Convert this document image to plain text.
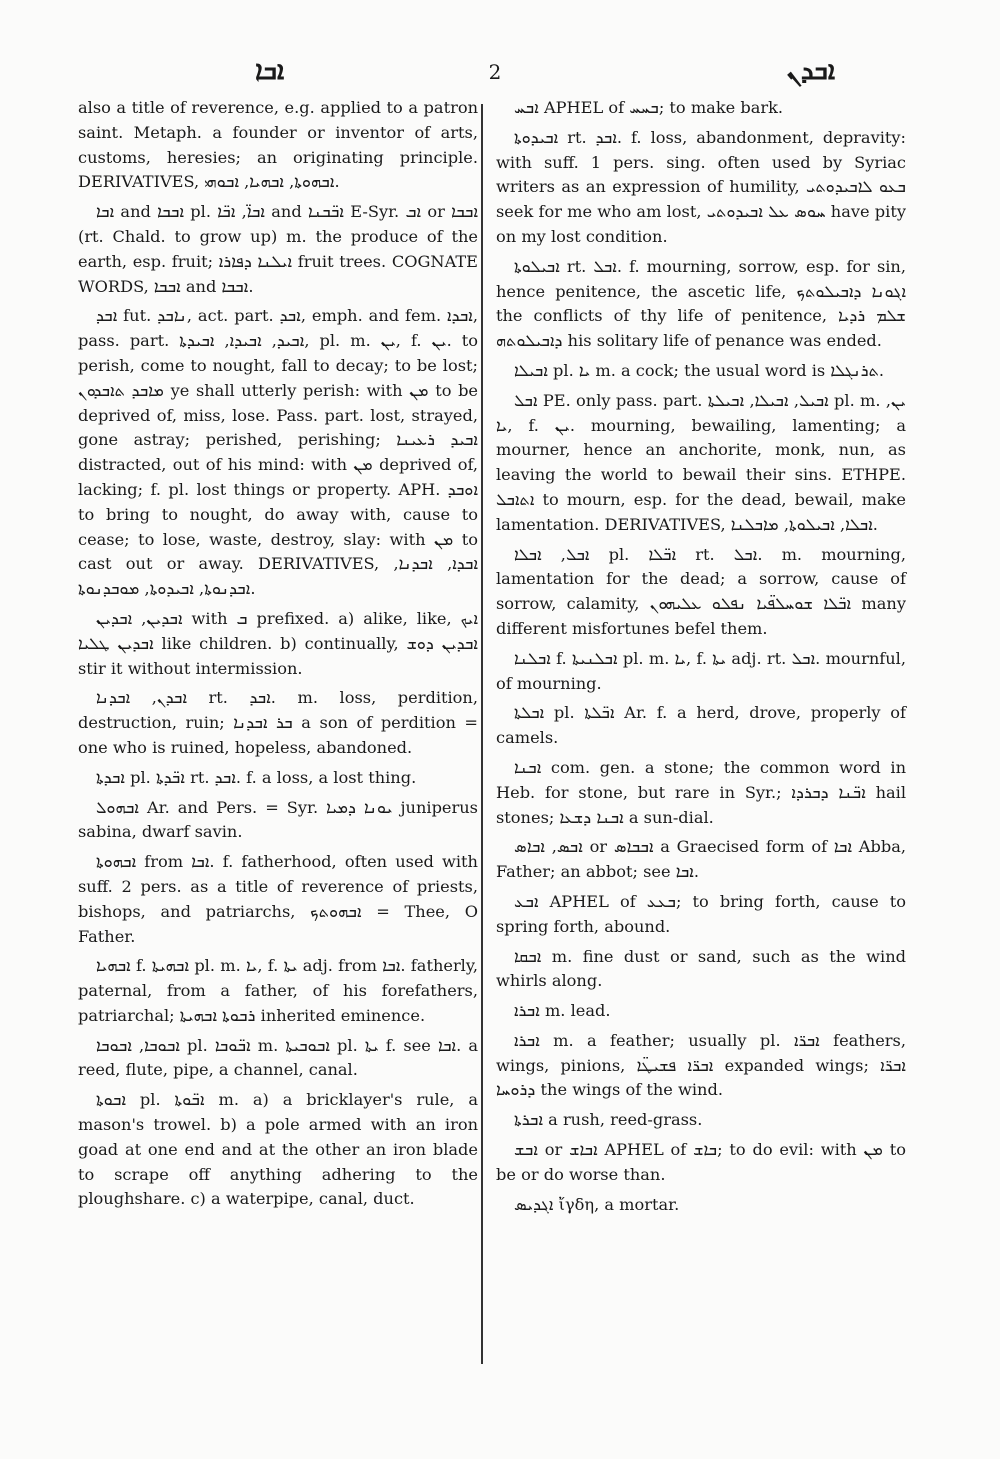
ܐܒܐ	2	ܐܒܕܢ

also a title of reverence, e.g. applied to a patron saint. Metaph. a founder or inventor of arts, customs, heresies; an originating principle. DERIVATIVES, ܐܒܗܘܬܐ, ܐܒܗܝܐ, ܐܒܘܗܝ.

ܐܒܐ and ܐܒܒܐ pl. ܐܒܐ̈, ܐܒ̈ܐ and ܐܒ̈ܒܢܐ E-Syr. ܐܒ or ܐܒܒܐ (rt. Chald. to grow up) m. the produce of the earth, esp. fruit; ܐܝܠܢܐ ܕܦܐܪܐ fruit trees. COGNATE WORDS, ܐܒܒܐ and ܐܒܒܐ.

ܐܒܕ fut. ܢܐܒܕ, act. part. ܐܒܕ, emph. and fem. ܐܒܕܐ, pass. part. ܐܒܝܕ, ܐܒܝܕܐ, ܐܒܝܕܬܐ, pl. m. ܝܢ, f. ܝܢ. to perish, come to nought, fall to decay; to be lost; ܡܐܒܕ ܬܐܒܕܘܢ ye shall utterly perish: with ܡܢ to be deprived of, miss, lose. Pass. part. lost, strayed, gone astray; perished, perishing; ܐܒܝܕ ܪܥܝܢܐ distracted, out of his mind: with ܡܢ deprived of, lacking; f. pl. lost things or property. APH. ܐܘܒܕ to bring to nought, do away with, cause to cease; to lose, waste, destroy, slay: with ܡܢ to cast out or away. DERIVATIVES, ܐܒܕܐ, ܐܒܕܢܐ, ܐܒܕܢܘܬܐ, ܐܒܝܕܘܬܐ, ܡܘܒܕܢܘܬܐ.

ܐܒܕܝܢ, ܐܒܕܝܢ with ܒ prefixed. a) alike, like, ܐܝܟ ܐܒܕܝܢ ܛܠܝܐ like children. b) continually, ܐܒܕܝܢ ܕܘܫ stir it without intermission.

ܐܒܕܢ, ܐܒܕܢܐ rt. ܐܒܕ. m. loss, perdition, destruction, ruin; ܒܪ ܐܒܕܢܐ a son of perdition = one who is ruined, hopeless, abandoned.

ܐܒܕܬܐ pl. ܐܒ̈ܕܬܐ rt. ܐܒܕ. f. a loss, a lost thing.

ܐܒܗܘܠ Ar. and Pers. = Syr. ܝܘܢܐ ܕܡܝܐ juniperus sabina, dwarf savin.

ܐܒܗܘܬܐ from ܐܒܐ. f. fatherhood, often used with suff. 2 pers. as a title of reverence of priests, bishops, and patriarchs, ܐܒܗܘܬܟ = Thee, O Father.

ܐܒܗܝܐ f. ܐܒܗܝܬܐ pl. m. ܝܐ, f. ܝܬܐ adj. from ܐܒܐ. fatherly, paternal, from a father, of his forefathers, patriarchal; ܪܒܘܬܐ ܐܒܗܝܬܐ inherited eminence.

ܐܒܘܒܐ, ܐܒܘܒܐ pl. ܐܒ̈ܘܒܐ m. ܐܒܘܒܝܬܐ pl. ܝܬܐ f. see ܐܒܐ. a reed, flute, pipe, a channel, canal.

ܐܒܘܬܐ pl. ܐܒ̈ܘܬܐ m. a) a bricklayer's rule, a mason's trowel. b) a pole armed with an iron goad at one end and at the other an iron blade to scrape off anything adhering to the ploughshare. c) a waterpipe, canal, duct.

ܐܒܚ APHEL of ܒܚܚ; to make bark.

ܐܒܝܕܘܬܐ rt. ܐܒܕ. f. loss, abandonment, depravity: with suff. 1 pers. sing. often used by Syriac writers as an expression of humility, ܒܥܘ ܠܐܒܝܕܘܬܝ seek for me who am lost, ܚܘܣ ܥܠ ܐܒܝܕܘܬܝ have pity on my lost condition.

ܐܒܝܠܘܬܐ rt. ܐܒܠ. f. mourning, sorrow, esp. for sin, hence penitence, the ascetic life, ܐܓܘܢܐ ܕܐܒܝܠܘܬܟ the conflicts of thy life of penitence, ܫܠܡ ܪܕܝܐ ܕܐܒܝܠܘܬܗ his solitary life of penance was ended.

ܐܒܝܠܐ pl. ܝܐ m. a cock; the usual word is ܬܪܢܓܠܐ.

ܐܒܠ PE. only pass. part. ܐܒܝܠ, ܐܒܝܠܐ, ܐܒܝܠܬܐ pl. m. ܝܢ, ܝܐ, f. ܝܢ. mourning, bewailing, lamenting; a mourner, hence an anchorite, monk, nun, as leaving the world to bewail their sins. ETHPE. ܐܬܐܒܠ to mourn, esp. for the dead, bewail, make lamentation. DERIVATIVES, ܐܒܠܐ, ܐܒܝܠܘܬܐ, ܡܐܒܠܢܐ.

ܐܒܠ, ܐܒܠܐ pl. ܐܒ̈ܠܐ rt. ܐܒܠ. m. mourning, lamentation for the dead; a sorrow, cause of sorrow, calamity, ܐܒ̈ܠܐ ܫܘܚܠܦ̈ܝܐ ܢܦܠܘ ܥܠܝܗܘܢ many different misfortunes befel them.

ܐܒܠܢܐ f. ܐܒܠܢܝܬܐ pl. m. ܝܐ, f. ܝܬܐ adj. rt. ܐܒܠ. mournful, of mourning.

ܐܒܠܬܐ pl. ܐܒ̈ܠܬܐ Ar. f. a herd, drove, properly of camels.

ܐܒܢܐ com. gen. a stone; the common word in Heb. for stone, but rare in Syr.; ܐܒ̈ܢܐ ܕܒܪܕܐ hail stones; ܐܒܢܐ ܕܫܥܐ a sun-dial.

ܐܒܣ, ܐܒܐܣ or ܐܒܒܐܣ a Graecised form of ܐܒܐ Abba, Father; an abbot; see ܐܒܐ.

ܐܒܥ APHEL of ܒܥܥ; to bring forth, cause to spring forth, abound.

ܐܒܩܐ m. fine dust or sand, such as the wind whirls along.

ܐܒܪܐ m. lead.

ܐܒܪܐ m. a feather; usually pl. ܐܒܪ̈ܐ feathers, wings, pinions, ܐܒܪ̈ܐ ܦܫܝܛ̈ܐ expanded wings; ܐܒܪ̈ܐ ܕܪܘܚܐ the wings of the wind.

ܐܒܪܬܐ a rush, reed-grass.

ܐܒܫ or ܐܒܐܫ APHEL of ܒܐܫ; to do evil: with ܡܢ to be or do worse than.

ܐܓܕܝܣ ἴγδη, a mortar.
